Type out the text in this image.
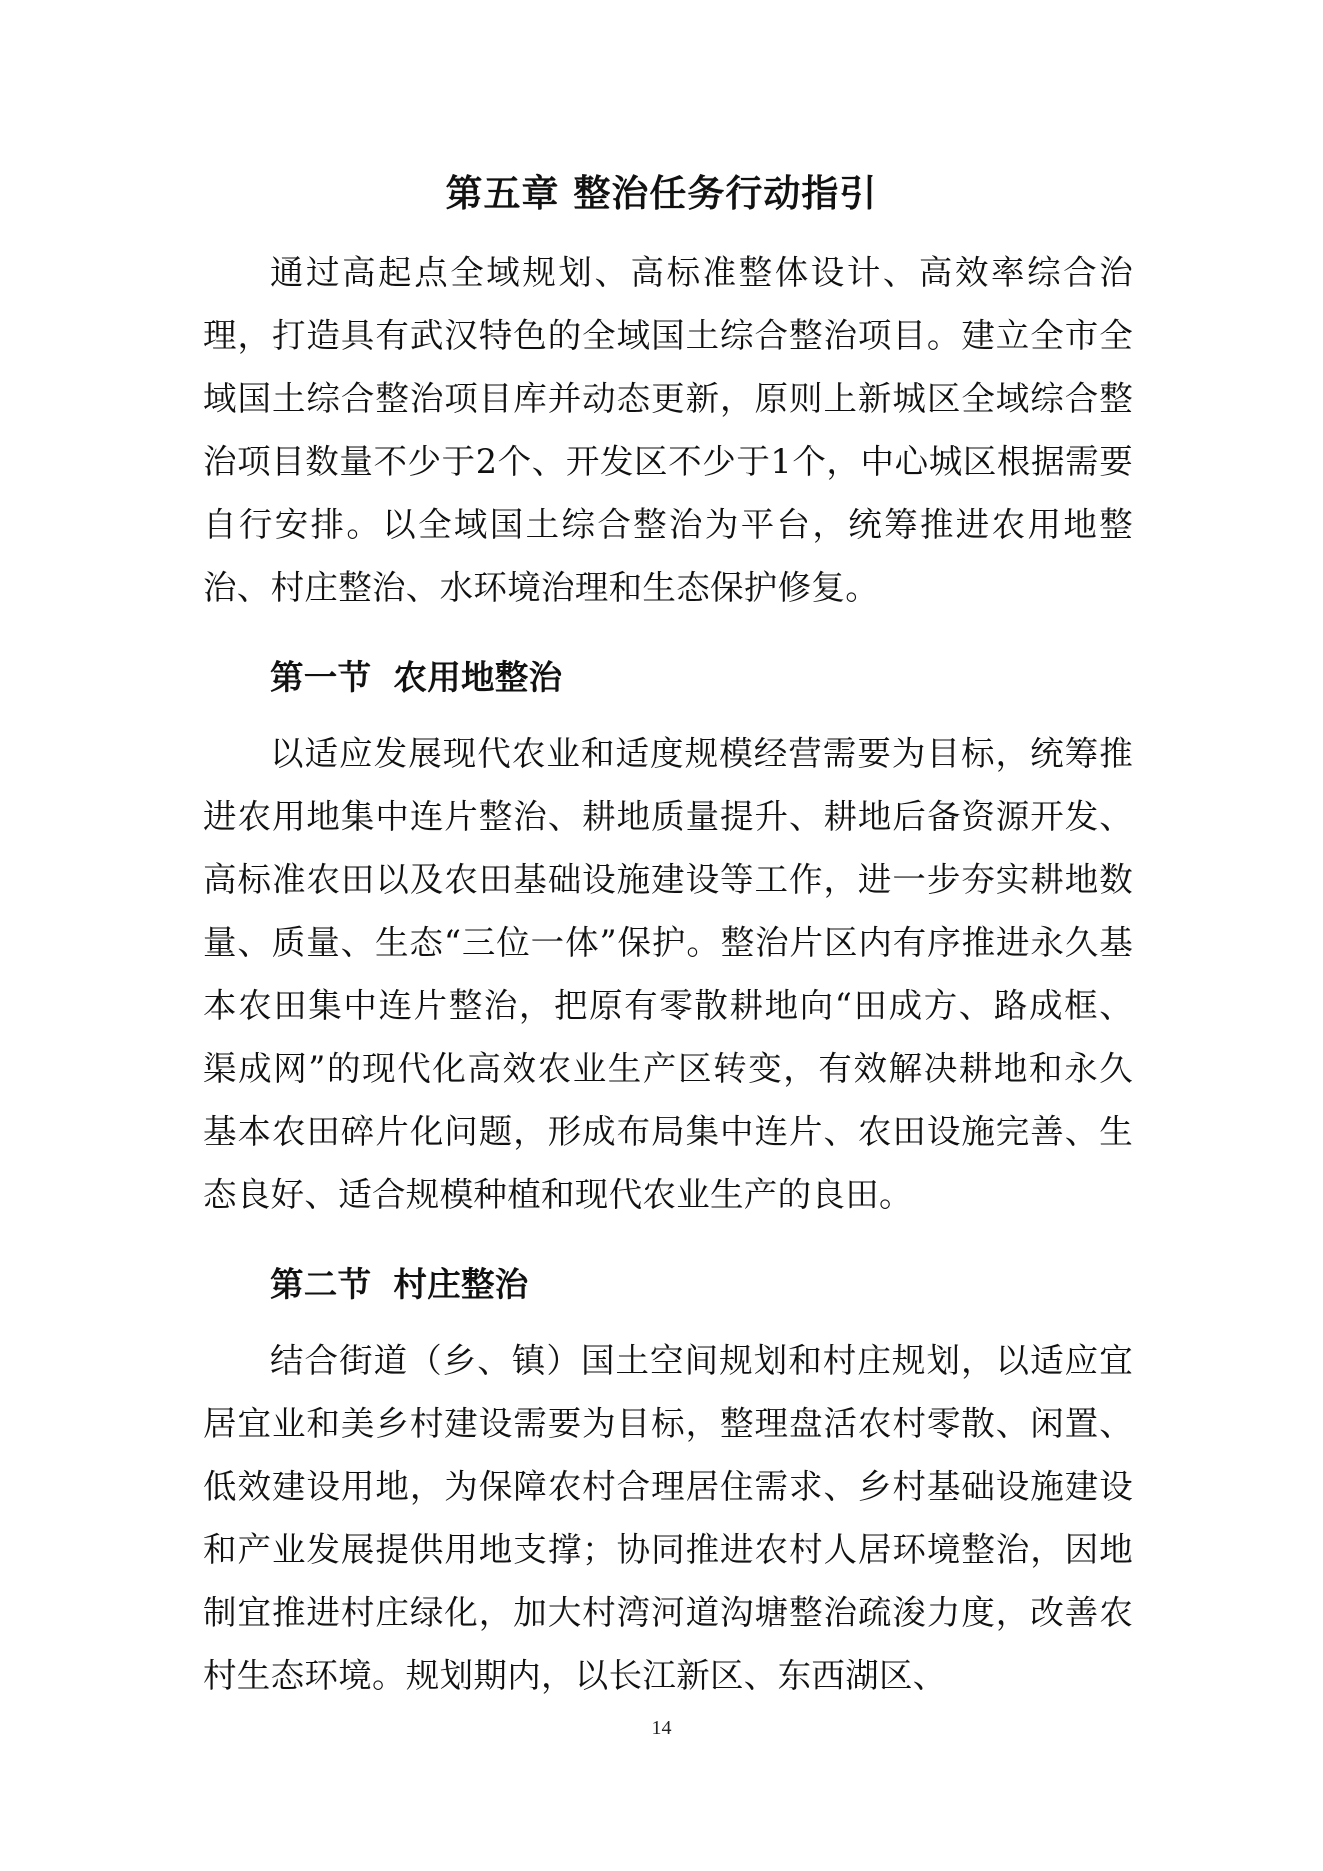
第五章 整治任务行动指引

通过高起点全域规划、高标准整体设计、高效率综合治理，打造具有武汉特色的全域国土综合整治项目。建立全市全域国土综合整治项目库并动态更新，原则上新城区全域综合整治项目数量不少于2个、开发区不少于1个，中心城区根据需要自行安排。以全域国土综合整治为平台，统筹推进农用地整治、村庄整治、水环境治理和生态保护修复。

第一节 农用地整治

以适应发展现代农业和适度规模经营需要为目标，统筹推进农用地集中连片整治、耕地质量提升、耕地后备资源开发、高标准农田以及农田基础设施建设等工作，进一步夯实耕地数量、质量、生态“三位一体”保护。整治片区内有序推进永久基本农田集中连片整治，把原有零散耕地向“田成方、路成框、渠成网”的现代化高效农业生产区转变，有效解决耕地和永久基本农田碎片化问题，形成布局集中连片、农田设施完善、生态良好、适合规模种植和现代农业生产的良田。

第二节 村庄整治

结合街道（乡、镇）国土空间规划和村庄规划，以适应宜居宜业和美乡村建设需要为目标，整理盘活农村零散、闲置、低效建设用地，为保障农村合理居住需求、乡村基础设施建设和产业发展提供用地支撑；协同推进农村人居环境整治，因地制宜推进村庄绿化，加大村湾河道沟塘整治疏浚力度，改善农村生态环境。规划期内，以长江新区、东西湖区、

14
